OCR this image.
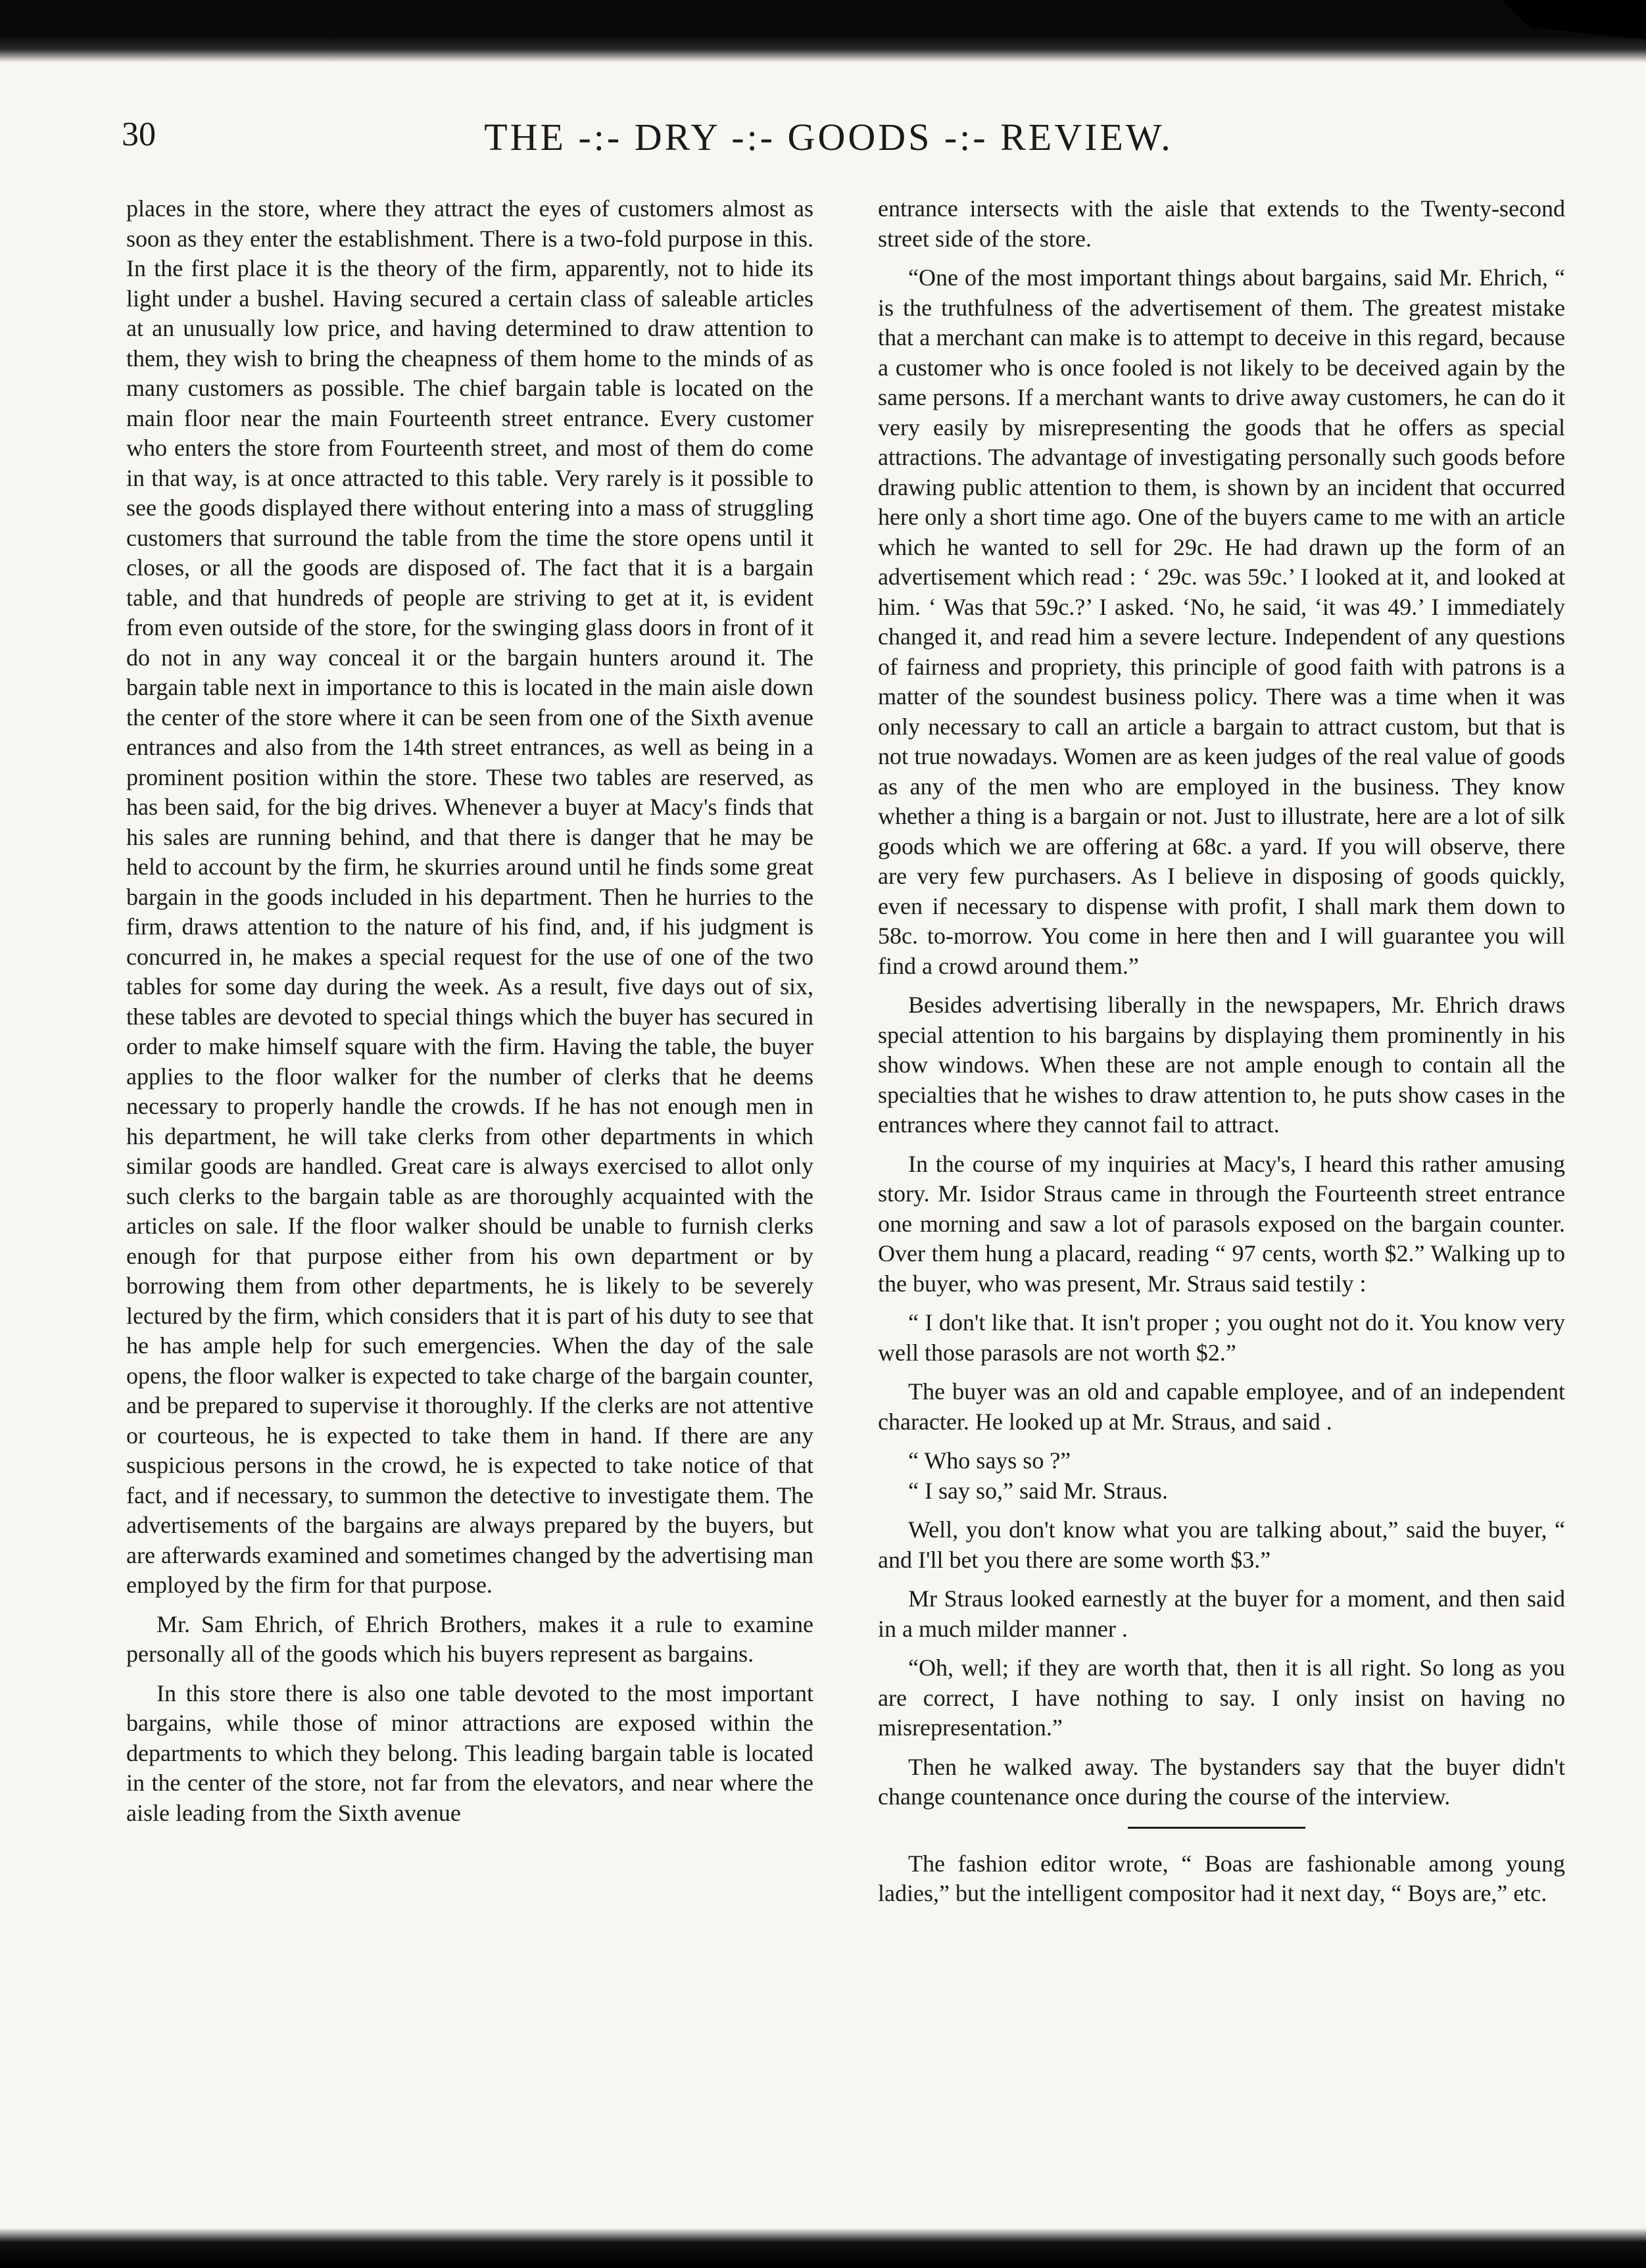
30	THE -:- DRY -:- GOODS -:- REVIEW.

places in the store, where they attract the eyes of customers almost as soon as they enter the establishment. There is a two-fold purpose in this. In the first place it is the theory of the firm, apparently, not to hide its light under a bushel. Having secured a certain class of saleable articles at an unusually low price, and having determined to draw attention to them, they wish to bring the cheapness of them home to the minds of as many customers as possible. The chief bargain table is located on the main floor near the main Fourteenth street entrance. Every customer who enters the store from Fourteenth street, and most of them do come in that way, is at once attracted to this table. Very rarely is it possible to see the goods displayed there without entering into a mass of struggling customers that surround the table from the time the store opens until it closes, or all the goods are disposed of. The fact that it is a bargain table, and that hundreds of people are striving to get at it, is evident from even outside of the store, for the swinging glass doors in front of it do not in any way conceal it or the bargain hunters around it. The bargain table next in importance to this is located in the main aisle down the center of the store where it can be seen from one of the Sixth avenue entrances and also from the 14th street entrances, as well as being in a prominent position within the store. These two tables are reserved, as has been said, for the big drives. Whenever a buyer at Macy's finds that his sales are running behind, and that there is danger that he may be held to account by the firm, he skurries around until he finds some great bargain in the goods included in his department. Then he hurries to the firm, draws attention to the nature of his find, and, if his judgment is concurred in, he makes a special request for the use of one of the two tables for some day during the week. As a result, five days out of six, these tables are devoted to special things which the buyer has secured in order to make himself square with the firm. Having the table, the buyer applies to the floor walker for the number of clerks that he deems necessary to properly handle the crowds. If he has not enough men in his department, he will take clerks from other departments in which similar goods are handled. Great care is always exercised to allot only such clerks to the bargain table as are thoroughly acquainted with the articles on sale. If the floor walker should be unable to furnish clerks enough for that purpose either from his own department or by borrowing them from other departments, he is likely to be severely lectured by the firm, which considers that it is part of his duty to see that he has ample help for such emergencies. When the day of the sale opens, the floor walker is expected to take charge of the bargain counter, and be prepared to supervise it thoroughly. If the clerks are not attentive or courteous, he is expected to take them in hand. If there are any suspicious persons in the crowd, he is expected to take notice of that fact, and if necessary, to summon the detective to investigate them. The advertisements of the bargains are always prepared by the buyers, but are afterwards examined and sometimes changed by the advertising man employed by the firm for that purpose.

Mr. Sam Ehrich, of Ehrich Brothers, makes it a rule to examine personally all of the goods which his buyers represent as bargains.

In this store there is also one table devoted to the most important bargains, while those of minor attractions are exposed within the departments to which they belong. This leading bargain table is located in the center of the store, not far from the elevators, and near where the aisle leading from the Sixth avenue

entrance intersects with the aisle that extends to the Twenty-second street side of the store.

“One of the most important things about bargains, said Mr. Ehrich, “ is the truthfulness of the advertisement of them. The greatest mistake that a merchant can make is to attempt to deceive in this regard, because a customer who is once fooled is not likely to be deceived again by the same persons. If a merchant wants to drive away customers, he can do it very easily by misrepresenting the goods that he offers as special attractions. The advantage of investigating personally such goods before drawing public attention to them, is shown by an incident that occurred here only a short time ago. One of the buyers came to me with an article which he wanted to sell for 29c. He had drawn up the form of an advertisement which read : ‘ 29c. was 59c.’ I looked at it, and looked at him. ‘ Was that 59c.?’ I asked. ‘No, he said, ‘it was 49.’ I immediately changed it, and read him a severe lecture. Independent of any questions of fairness and propriety, this principle of good faith with patrons is a matter of the soundest business policy. There was a time when it was only necessary to call an article a bargain to attract custom, but that is not true nowadays. Women are as keen judges of the real value of goods as any of the men who are employed in the business. They know whether a thing is a bargain or not. Just to illustrate, here are a lot of silk goods which we are offering at 68c. a yard. If you will observe, there are very few purchasers. As I believe in disposing of goods quickly, even if necessary to dispense with profit, I shall mark them down to 58c. to-morrow. You come in here then and I will guarantee you will find a crowd around them.”

Besides advertising liberally in the newspapers, Mr. Ehrich draws special attention to his bargains by displaying them prominently in his show windows. When these are not ample enough to contain all the specialties that he wishes to draw attention to, he puts show cases in the entrances where they cannot fail to attract.

In the course of my inquiries at Macy's, I heard this rather amusing story. Mr. Isidor Straus came in through the Fourteenth street entrance one morning and saw a lot of parasols exposed on the bargain counter. Over them hung a placard, reading “ 97 cents, worth $2.” Walking up to the buyer, who was present, Mr. Straus said testily :

“ I don't like that. It isn't proper ; you ought not do it. You know very well those parasols are not worth $2.”

The buyer was an old and capable employee, and of an independent character. He looked up at Mr. Straus, and said .

“ Who says so ?”

“ I say so,” said Mr. Straus.

Well, you don't know what you are talking about,” said the buyer, “ and I'll bet you there are some worth $3.”

Mr Straus looked earnestly at the buyer for a moment, and then said in a much milder manner .

“Oh, well; if they are worth that, then it is all right. So long as you are correct, I have nothing to say. I only insist on having no misrepresentation.”

Then he walked away. The bystanders say that the buyer didn't change countenance once during the course of the interview.

The fashion editor wrote, “ Boas are fashionable among young ladies,” but the intelligent compositor had it next day, “ Boys are,” etc.
